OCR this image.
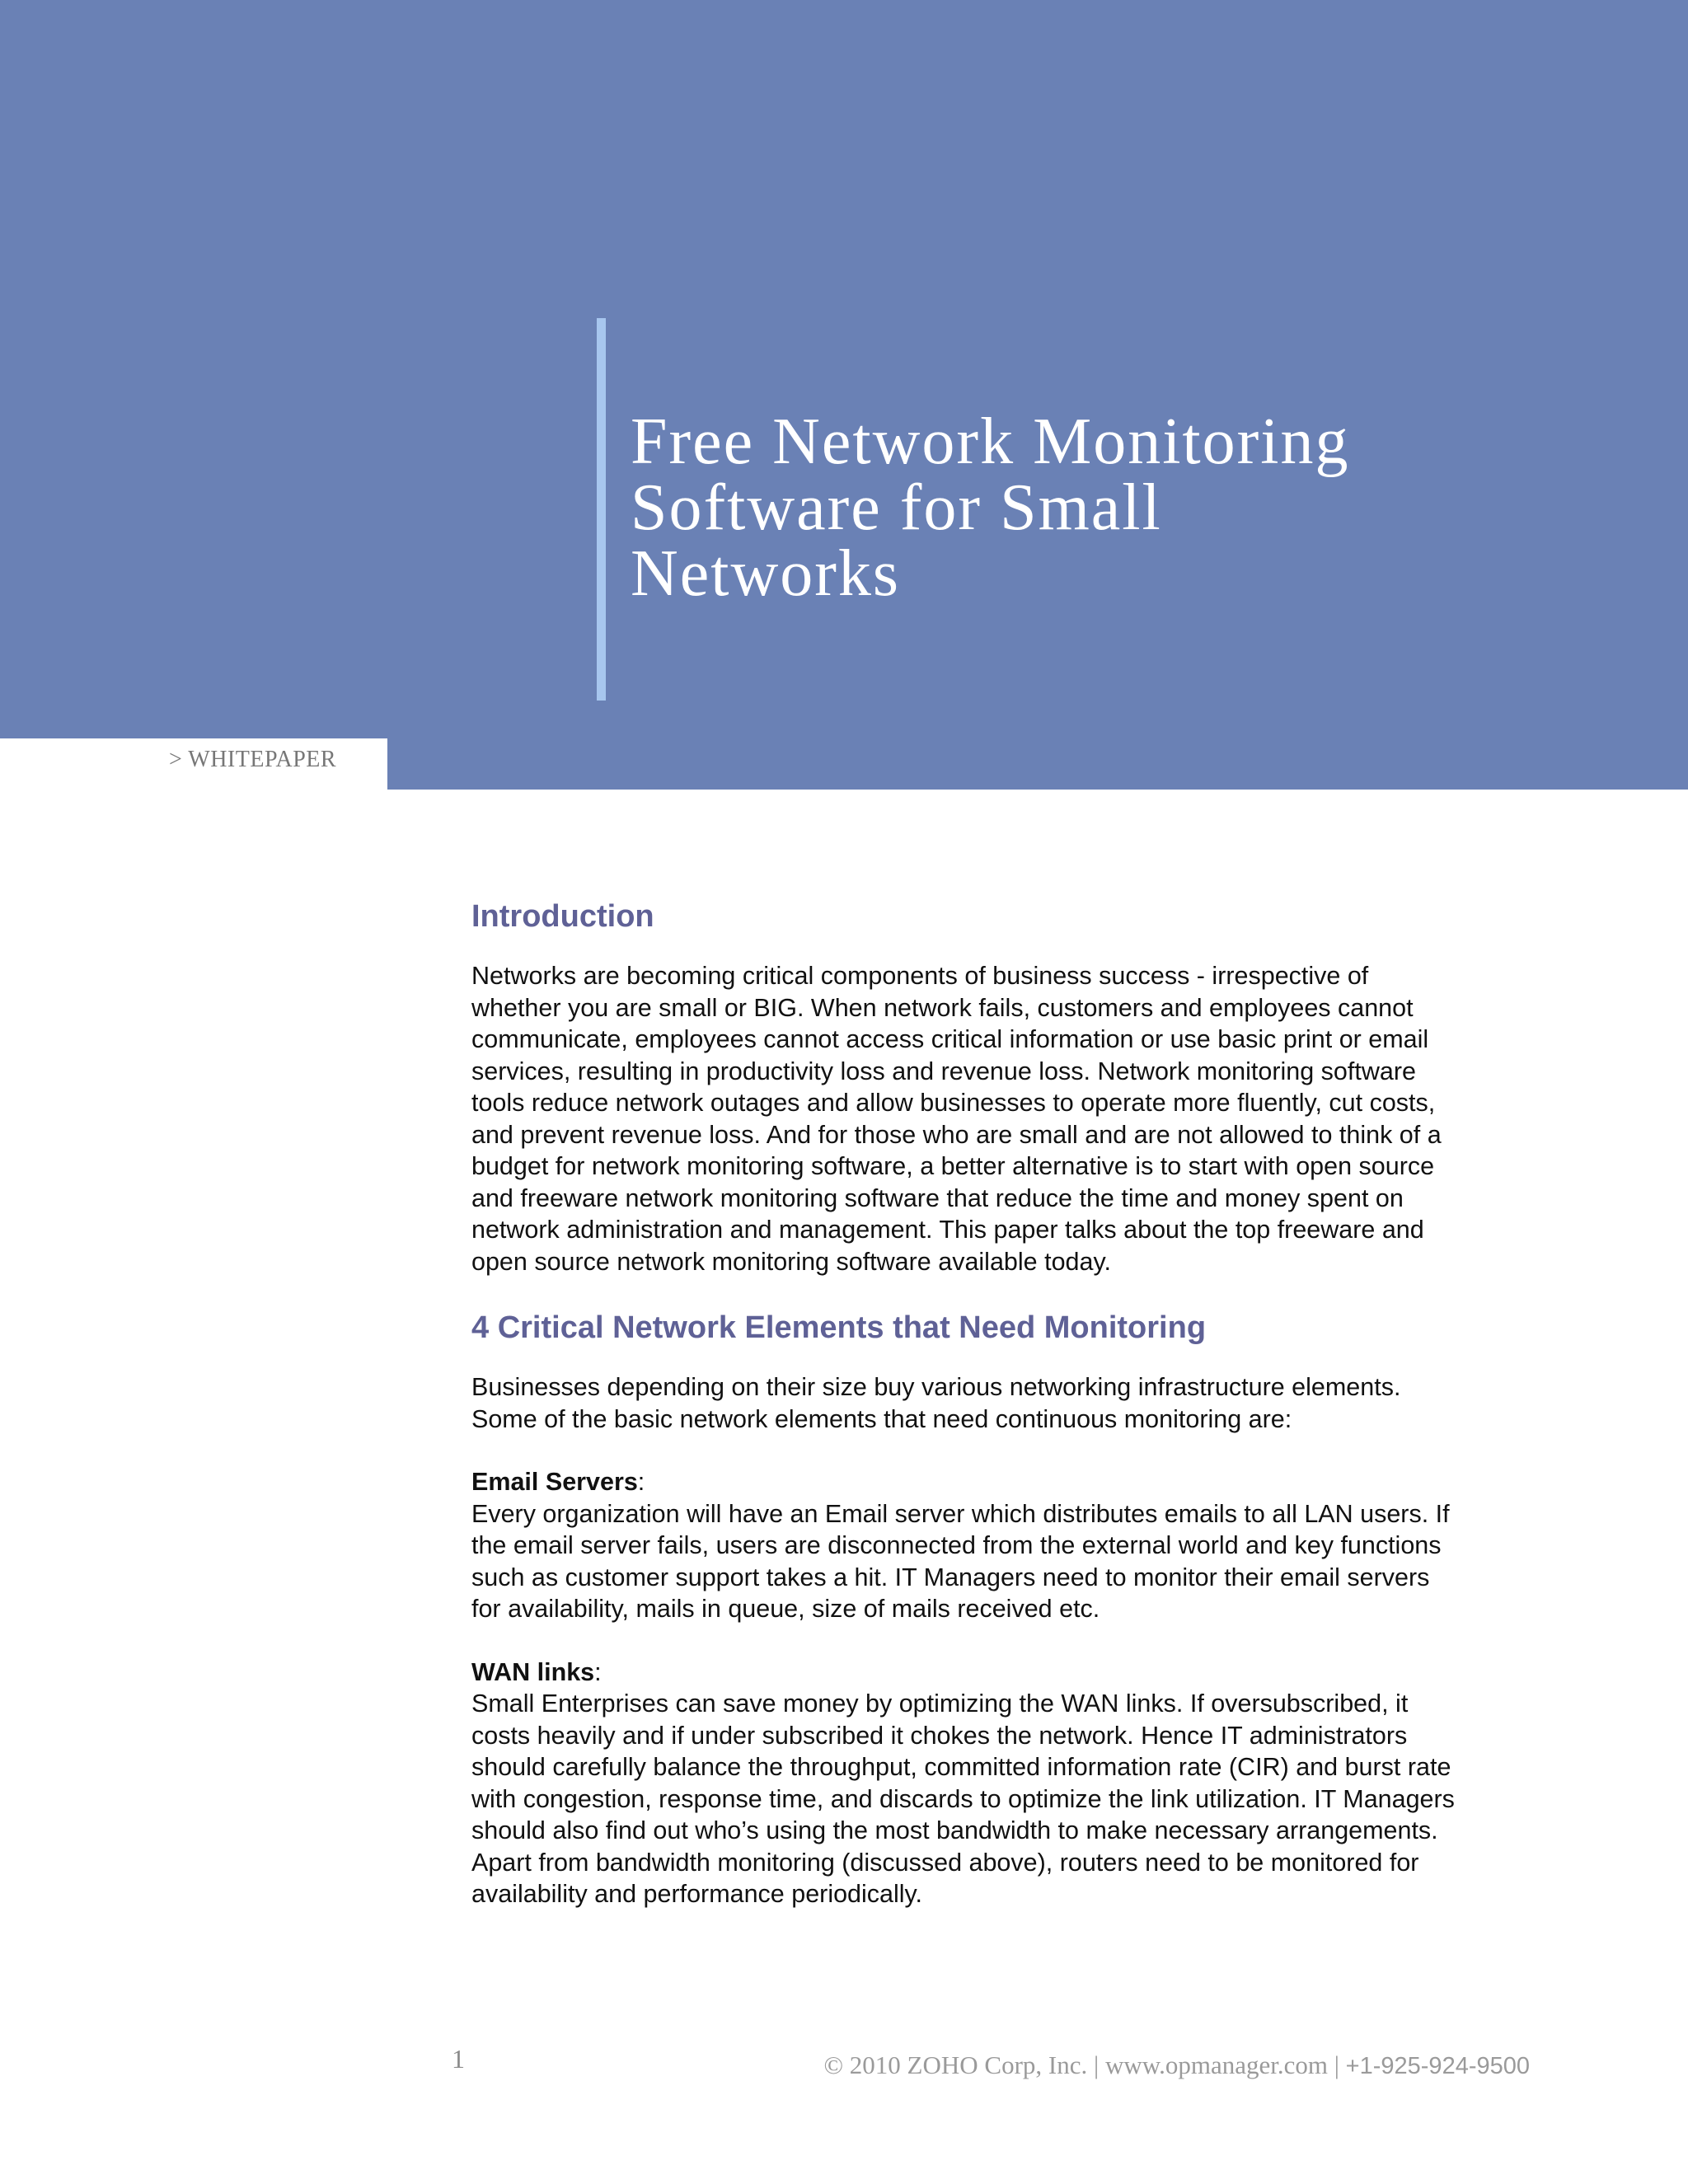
> WHITEPAPER
Free Network Monitoring
Software for Small
Networks
Introduction
Networks are becoming critical components of business success - irrespective of
whether you are small or BIG. When network fails, customers and employees cannot
communicate, employees cannot access critical information or use basic print or email
services, resulting in productivity loss and revenue loss. Network monitoring software
tools reduce network outages and allow businesses to operate more fluently, cut costs,
and prevent revenue loss. And for those who are small and are not allowed to think of a
budget for network monitoring software, a better alternative is to start with open source
and freeware network monitoring software that reduce the time and money spent on
network administration and management. This paper talks about the top freeware and
open source network monitoring software available today.
4 Critical Network Elements that Need Monitoring
Businesses depending on their size buy various networking infrastructure elements.
Some of the basic network elements that need continuous monitoring are:
Email Servers:
Every organization will have an Email server which distributes emails to all LAN users. If
the email server fails, users are disconnected from the external world and key functions
such as customer support takes a hit. IT Managers need to monitor their email servers
for availability, mails in queue, size of mails received etc.
WAN links:
Small Enterprises can save money by optimizing the WAN links. If oversubscribed, it
costs heavily and if under subscribed it chokes the network. Hence IT administrators
should carefully balance the throughput, committed information rate (CIR) and burst rate
with congestion, response time, and discards to optimize the link utilization. IT Managers
should also find out who’s using the most bandwidth to make necessary arrangements.
Apart from bandwidth monitoring (discussed above), routers need to be monitored for
availability and performance periodically.
1	© 2010 ZOHO Corp, Inc. | www.opmanager.com | +1-925-924-9500
